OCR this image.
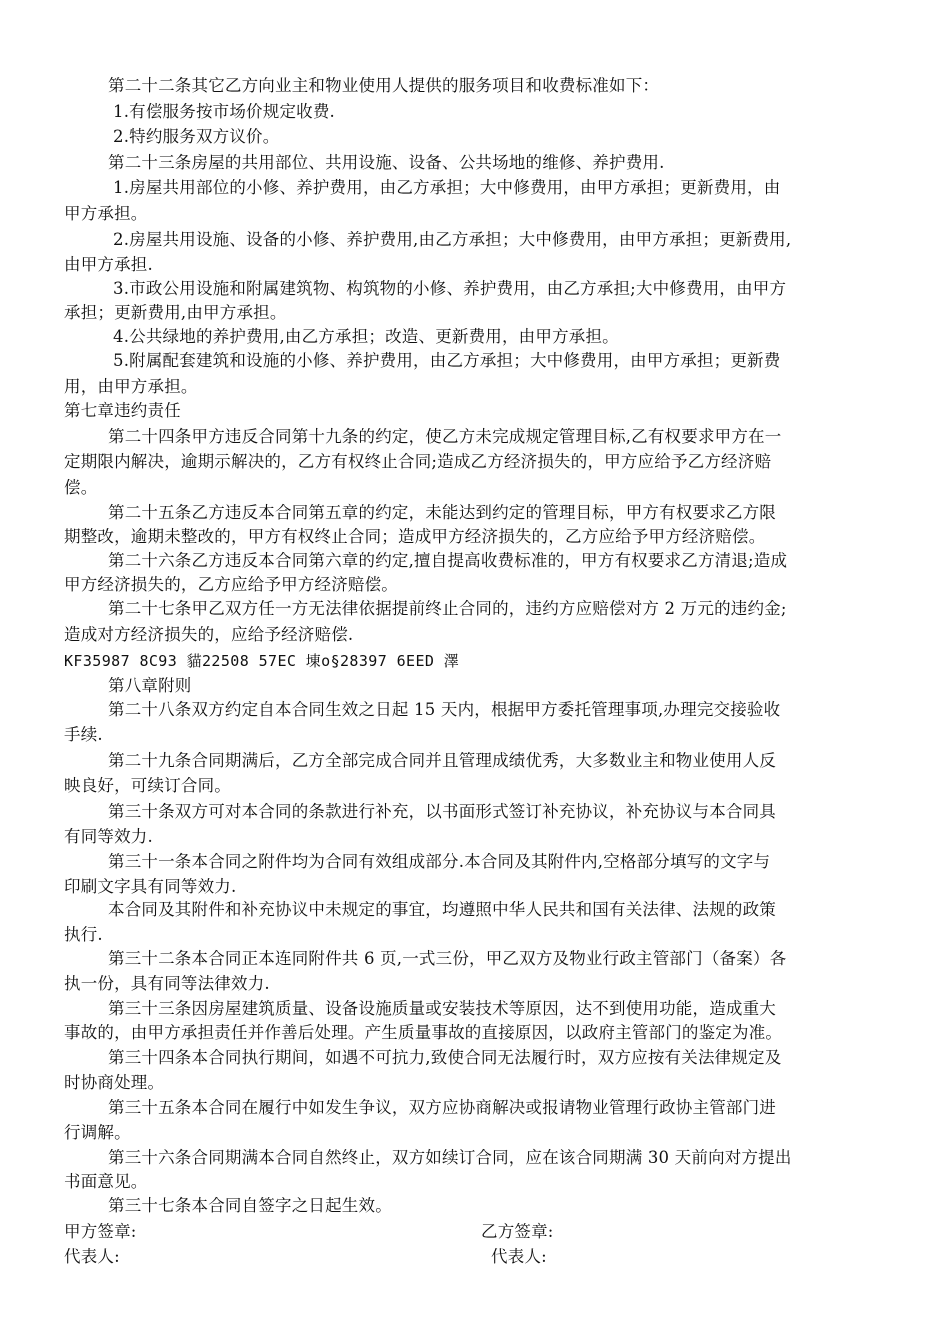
第二十二条其它乙方向业主和物业使用人提供的服务项目和收费标准如下：
1.有偿服务按市场价规定收费.
2.特约服务双方议价。
第二十三条房屋的共用部位、共用设施、设备、公共场地的维修、养护费用.
1.房屋共用部位的小修、养护费用，由乙方承担；大中修费用，由甲方承担；更新费用，由
甲方承担。
2.房屋共用设施、设备的小修、养护费用,由乙方承担；大中修费用，由甲方承担；更新费用,
由甲方承担.
3.市政公用设施和附属建筑物、构筑物的小修、养护费用，由乙方承担;大中修费用，由甲方
承担；更新费用,由甲方承担。
4.公共绿地的养护费用,由乙方承担；改造、更新费用，由甲方承担。
5.附属配套建筑和设施的小修、养护费用，由乙方承担；大中修费用，由甲方承担；更新费
用，由甲方承担。
第七章违约责任
第二十四条甲方违反合同第十九条的约定，使乙方未完成规定管理目标,乙有权要求甲方在一
定期限内解决，逾期示解决的，乙方有权终止合同;造成乙方经济损失的，甲方应给予乙方经济赔
偿。
第二十五条乙方违反本合同第五章的约定，未能达到约定的管理目标，甲方有权要求乙方限
期整改，逾期未整改的，甲方有权终止合同；造成甲方经济损失的，乙方应给予甲方经济赔偿。
第二十六条乙方违反本合同第六章的约定,擅自提高收费标准的，甲方有权要求乙方清退;造成
甲方经济损失的，乙方应给予甲方经济赔偿。
第二十七条甲乙双方任一方无法律依据提前终止合同的，违约方应赔偿对方 2 万元的违约金;
造成对方经济损失的，应给予经济赔偿.
KF35987 8C93 貓22508 57EC 埬o§28397 6EED 澤
第八章附则
第二十八条双方约定自本合同生效之日起 15 天内，根据甲方委托管理事项,办理完交接验收
手续.
第二十九条合同期满后，乙方全部完成合同并且管理成绩优秀，大多数业主和物业使用人反
映良好，可续订合同。
第三十条双方可对本合同的条款进行补充，以书面形式签订补充协议，补充协议与本合同具
有同等效力.
第三十一条本合同之附件均为合同有效组成部分.本合同及其附件内,空格部分填写的文字与
印刷文字具有同等效力.
本合同及其附件和补充协议中未规定的事宜，均遵照中华人民共和国有关法律、法规的政策
执行.
第三十二条本合同正本连同附件共 6 页,一式三份，甲乙双方及物业行政主管部门（备案）各
执一份，具有同等法律效力.
第三十三条因房屋建筑质量、设备设施质量或安装技术等原因，达不到使用功能，造成重大
事故的，由甲方承担责任并作善后处理。产生质量事故的直接原因，以政府主管部门的鉴定为准。
第三十四条本合同执行期间，如遇不可抗力,致使合同无法履行时，双方应按有关法律规定及
时协商处理。
第三十五条本合同在履行中如发生争议，双方应协商解决或报请物业管理行政协主管部门进
行调解。
第三十六条合同期满本合同自然终止，双方如续订合同，应在该合同期满 30 天前向对方提出
书面意见。
第三十七条本合同自签字之日起生效。
甲方签章:	乙方签章:
代表人:	代表人:
